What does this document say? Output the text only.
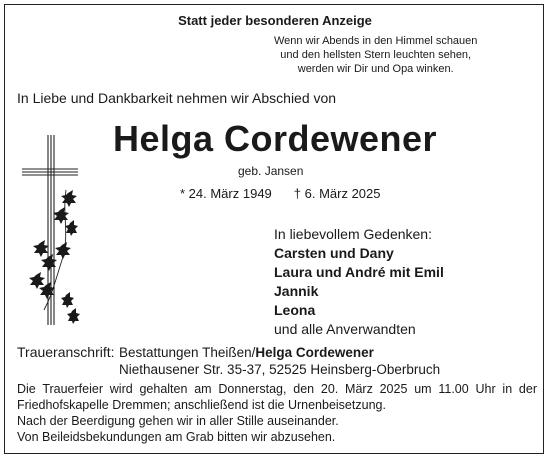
Statt jeder besonderen Anzeige
Wenn wir Abends in den Himmel schauen
und den hellsten Stern leuchten sehen,
werden wir Dir und Opa winken.
In Liebe und Dankbarkeit nehmen wir Abschied von
Helga Cordewener
geb. Jansen
* 24. März 1949 † 6. März 2025
In liebevollem Gedenken:
Carsten und Dany
Laura und André mit Emil
Jannik
Leona
und alle Anverwandten
Traueranschrift: Bestattungen Theißen/Helga Cordewener
Niethausener Str. 35-37, 52525 Heinsberg-Oberbruch
Die Trauerfeier wird gehalten am Donnerstag, den 20. März 2025 um 11.00 Uhr in der
Friedhofskapelle Dremmen; anschließend ist die Urnenbeisetzung.
Nach der Beerdigung gehen wir in aller Stille auseinander.
Von Beileidsbekundungen am Grab bitten wir abzusehen.
